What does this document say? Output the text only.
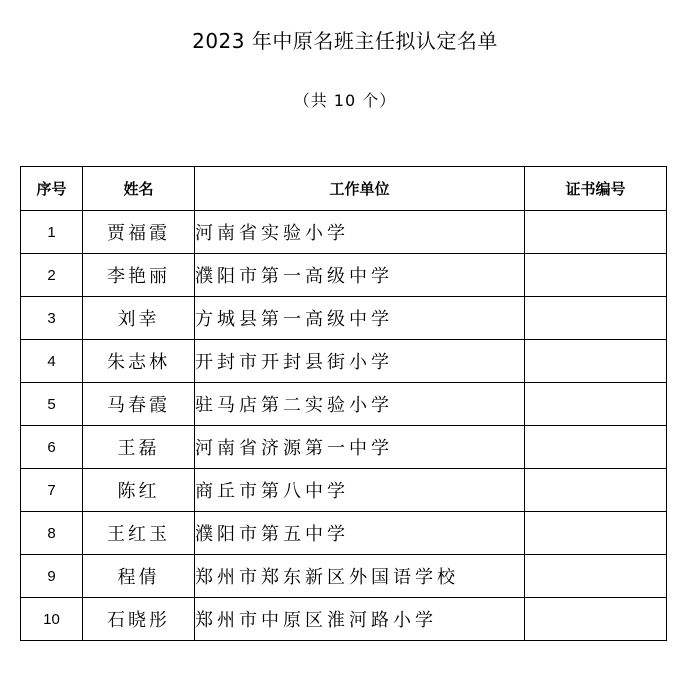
2023 年中原名班主任拟认定名单
（共 10 个）
序号	姓名	工作单位	证书编号
1	贾福霞	河南省实验小学	
2	李艳丽	濮阳市第一高级中学	
3	刘幸	方城县第一高级中学	
4	朱志林	开封市开封县街小学	
5	马春霞	驻马店第二实验小学	
6	王磊	河南省济源第一中学	
7	陈红	商丘市第八中学	
8	王红玉	濮阳市第五中学	
9	程倩	郑州市郑东新区外国语学校	
10	石晓彤	郑州市中原区淮河路小学	
